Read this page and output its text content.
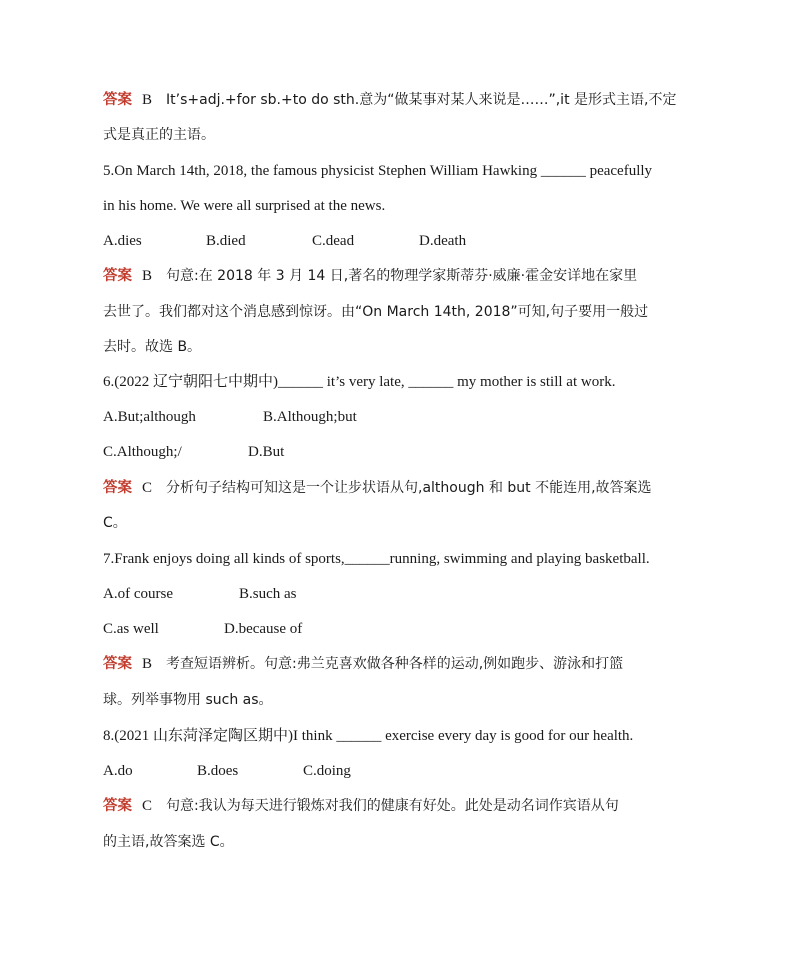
答案 B It’s+adj.+for sb.+to do sth.意为“做某事对某人来说是……”,it 是形式主语,不定
式是真正的主语。
5.On March 14th, 2018, the famous physicist Stephen William Hawking ______ peacefully
in his home. We were all surprised at the news.
A.dies	B.died	C.dead	D.death
答案 B 句意:在 2018 年 3 月 14 日,著名的物理学家斯蒂芬·威廉·霍金安详地在家里
去世了。我们都对这个消息感到惊讶。由“On March 14th, 2018”可知,句子要用一般过
去时。故选 B。
6.(2022 辽宁朝阳七中期中)______ it’s very late, ______ my mother is still at work.
A.But;although	B.Although;but
C.Although;/	D.But
答案 C 分析句子结构可知这是一个让步状语从句,although 和 but 不能连用,故答案选
C。
7.Frank enjoys doing all kinds of sports,______running, swimming and playing basketball.
A.of course	B.such as
C.as well	D.because of
答案 B 考查短语辨析。句意:弗兰克喜欢做各种各样的运动,例如跑步、游泳和打篮
球。列举事物用 such as。
8.(2021 山东菏泽定陶区期中)I think ______ exercise every day is good for our health.
A.do	B.does	C.doing
答案 C 句意:我认为每天进行锻炼对我们的健康有好处。此处是动名词作宾语从句
的主语,故答案选 C。
